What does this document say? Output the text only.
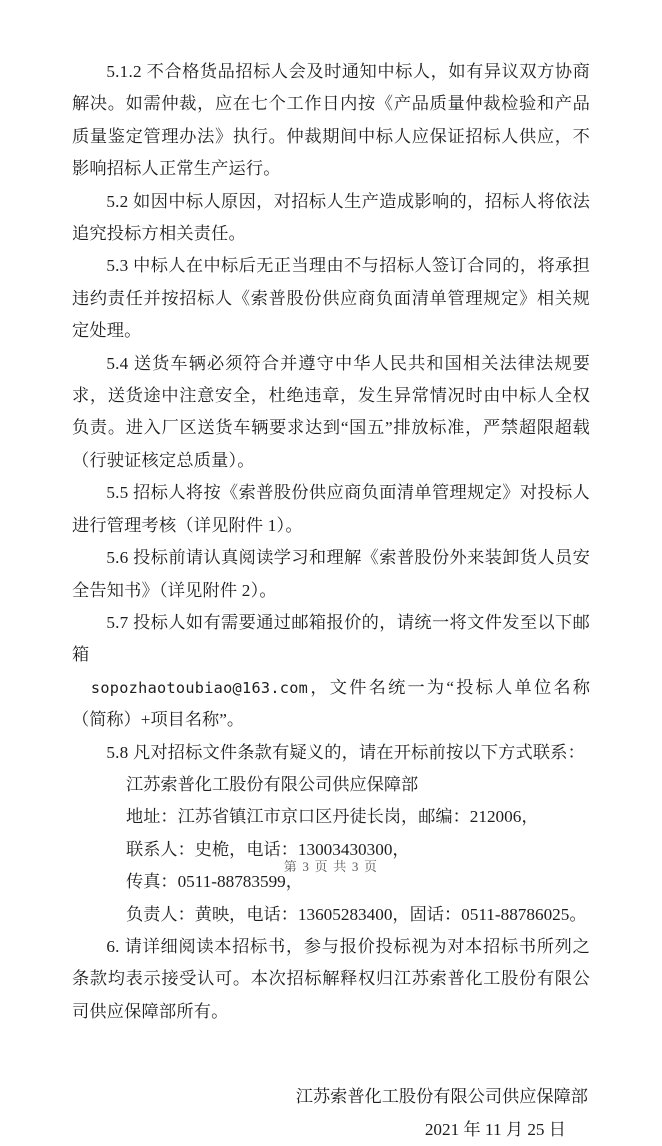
5.1.2 不合格货品招标人会及时通知中标人，如有异议双方协商解决。如需仲裁，应在七个工作日内按《产品质量仲裁检验和产品质量鉴定管理办法》执行。仲裁期间中标人应保证招标人供应，不影响招标人正常生产运行。

5.2 如因中标人原因，对招标人生产造成影响的，招标人将依法追究投标方相关责任。

5.3 中标人在中标后无正当理由不与招标人签订合同的，将承担违约责任并按招标人《索普股份供应商负面清单管理规定》相关规定处理。

5.4 送货车辆必须符合并遵守中华人民共和国相关法律法规要求，送货途中注意安全，杜绝违章，发生异常情况时由中标人全权负责。进入厂区送货车辆要求达到“国五”排放标准，严禁超限超载（行驶证核定总质量）。

5.5 招标人将按《索普股份供应商负面清单管理规定》对投标人进行管理考核（详见附件 1）。

5.6 投标前请认真阅读学习和理解《索普股份外来装卸货人员安全告知书》（详见附件 2）。

5.7 投标人如有需要通过邮箱报价的，请统一将文件发至以下邮箱

sopozhaotoubiao@163.com，文件名统一为“投标人单位名称（简称）+项目名称”。

5.8 凡对招标文件条款有疑义的，请在开标前按以下方式联系：

江苏索普化工股份有限公司供应保障部

地址：江苏省镇江市京口区丹徒长岗，邮编：212006，

联系人：史桅，电话：13003430300，

传真：0511-88783599，

负责人：黄映，电话：13605283400，固话：0511-88786025。

6. 请详细阅读本招标书，参与报价投标视为对本招标书所列之条款均表示接受认可。本次招标解释权归江苏索普化工股份有限公司供应保障部所有。

江苏索普化工股份有限公司供应保障部

2021 年 11 月 25 日

第 3 页 共 3 页
